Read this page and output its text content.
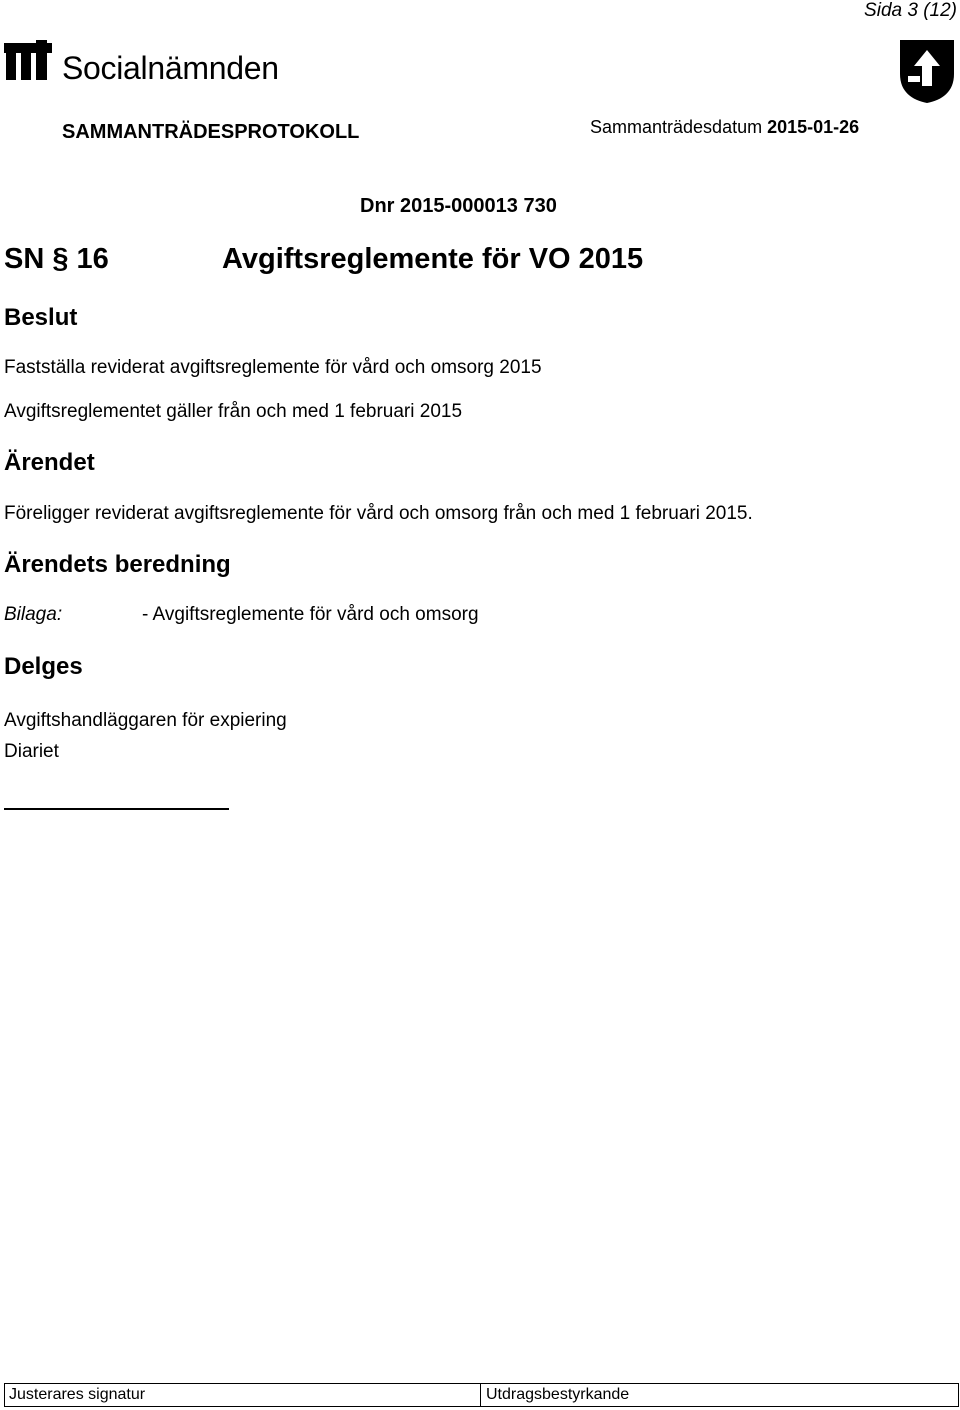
Sida 3 (12)
Socialnämnden
SAMMANTRÄDESPROTOKOLL	Sammanträdesdatum 2015-01-26
Dnr 2015-000013 730
SN § 16	Avgiftsreglemente för VO 2015
Beslut
Fastställa reviderat avgiftsreglemente för vård och omsorg 2015
Avgiftsreglementet gäller från och med 1 februari 2015
Ärendet
Föreligger reviderat avgiftsreglemente för vård och omsorg från och med 1 februari 2015.
Ärendets beredning
Bilaga:	- Avgiftsreglemente för vård och omsorg
Delges
Avgiftshandläggaren för expiering
Diariet
Justerares signatur	Utdragsbestyrkande
